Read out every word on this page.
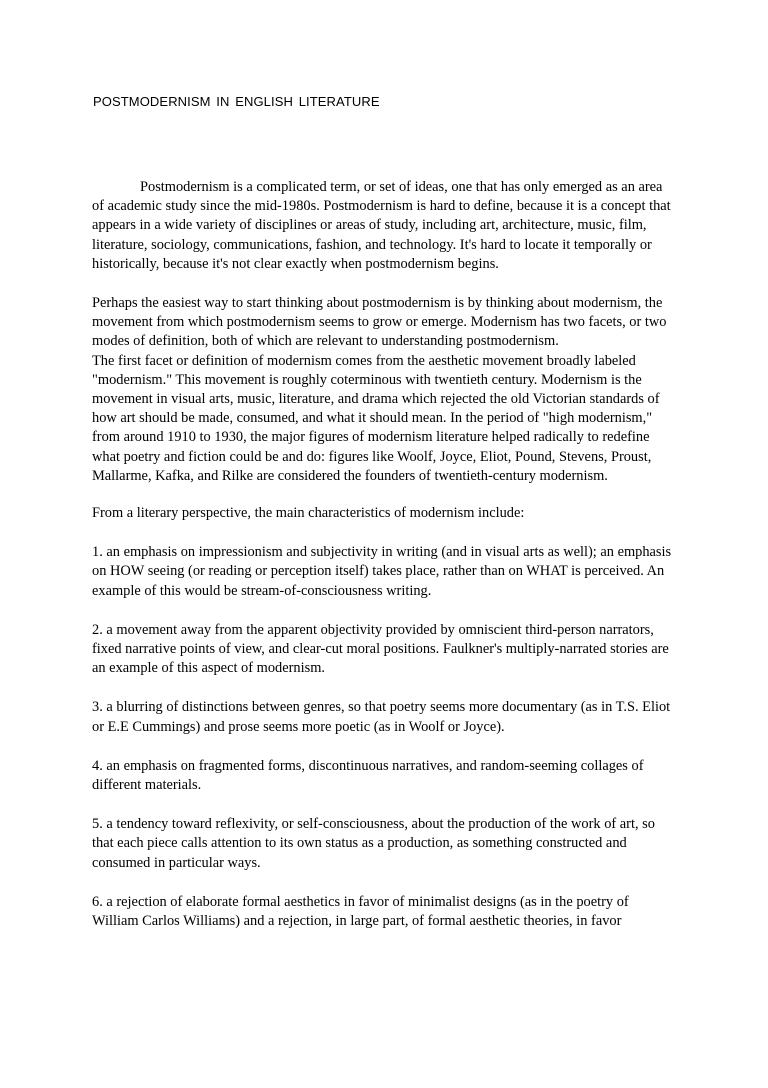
POSTMODERNISM IN ENGLISH LITERATURE

Postmodernism is a complicated term, or set of ideas, one that has only emerged as an area of academic study since the mid-1980s. Postmodernism is hard to define, because it is a concept that appears in a wide variety of disciplines or areas of study, including art, architecture, music, film, literature, sociology, communications, fashion, and technology. It's hard to locate it temporally or historically, because it's not clear exactly when postmodernism begins.

Perhaps the easiest way to start thinking about postmodernism is by thinking about modernism, the movement from which postmodernism seems to grow or emerge. Modernism has two facets, or two modes of definition, both of which are relevant to understanding postmodernism.

The first facet or definition of modernism comes from the aesthetic movement broadly labeled "modernism." This movement is roughly coterminous with twentieth century. Modernism is the movement in visual arts, music, literature, and drama which rejected the old Victorian standards of how art should be made, consumed, and what it should mean. In the period of "high modernism," from around 1910 to 1930, the major figures of modernism literature helped radically to redefine what poetry and fiction could be and do: figures like Woolf, Joyce, Eliot, Pound, Stevens, Proust, Mallarme, Kafka, and Rilke are considered the founders of twentieth-century modernism.

From a literary perspective, the main characteristics of modernism include:

1. an emphasis on impressionism and subjectivity in writing (and in visual arts as well); an emphasis on HOW seeing (or reading or perception itself) takes place, rather than on WHAT is perceived. An example of this would be stream-of-consciousness writing.

2. a movement away from the apparent objectivity provided by omniscient third-person narrators, fixed narrative points of view, and clear-cut moral positions. Faulkner's multiply-narrated stories are an example of this aspect of modernism.

3. a blurring of distinctions between genres, so that poetry seems more documentary (as in T.S. Eliot or E.E Cummings) and prose seems more poetic (as in Woolf or Joyce).

4. an emphasis on fragmented forms, discontinuous narratives, and random-seeming collages of different materials.

5. a tendency toward reflexivity, or self-consciousness, about the production of the work of art, so that each piece calls attention to its own status as a production, as something constructed and consumed in particular ways.

6. a rejection of elaborate formal aesthetics in favor of minimalist designs (as in the poetry of William Carlos Williams) and a rejection, in large part, of formal aesthetic theories, in favor
